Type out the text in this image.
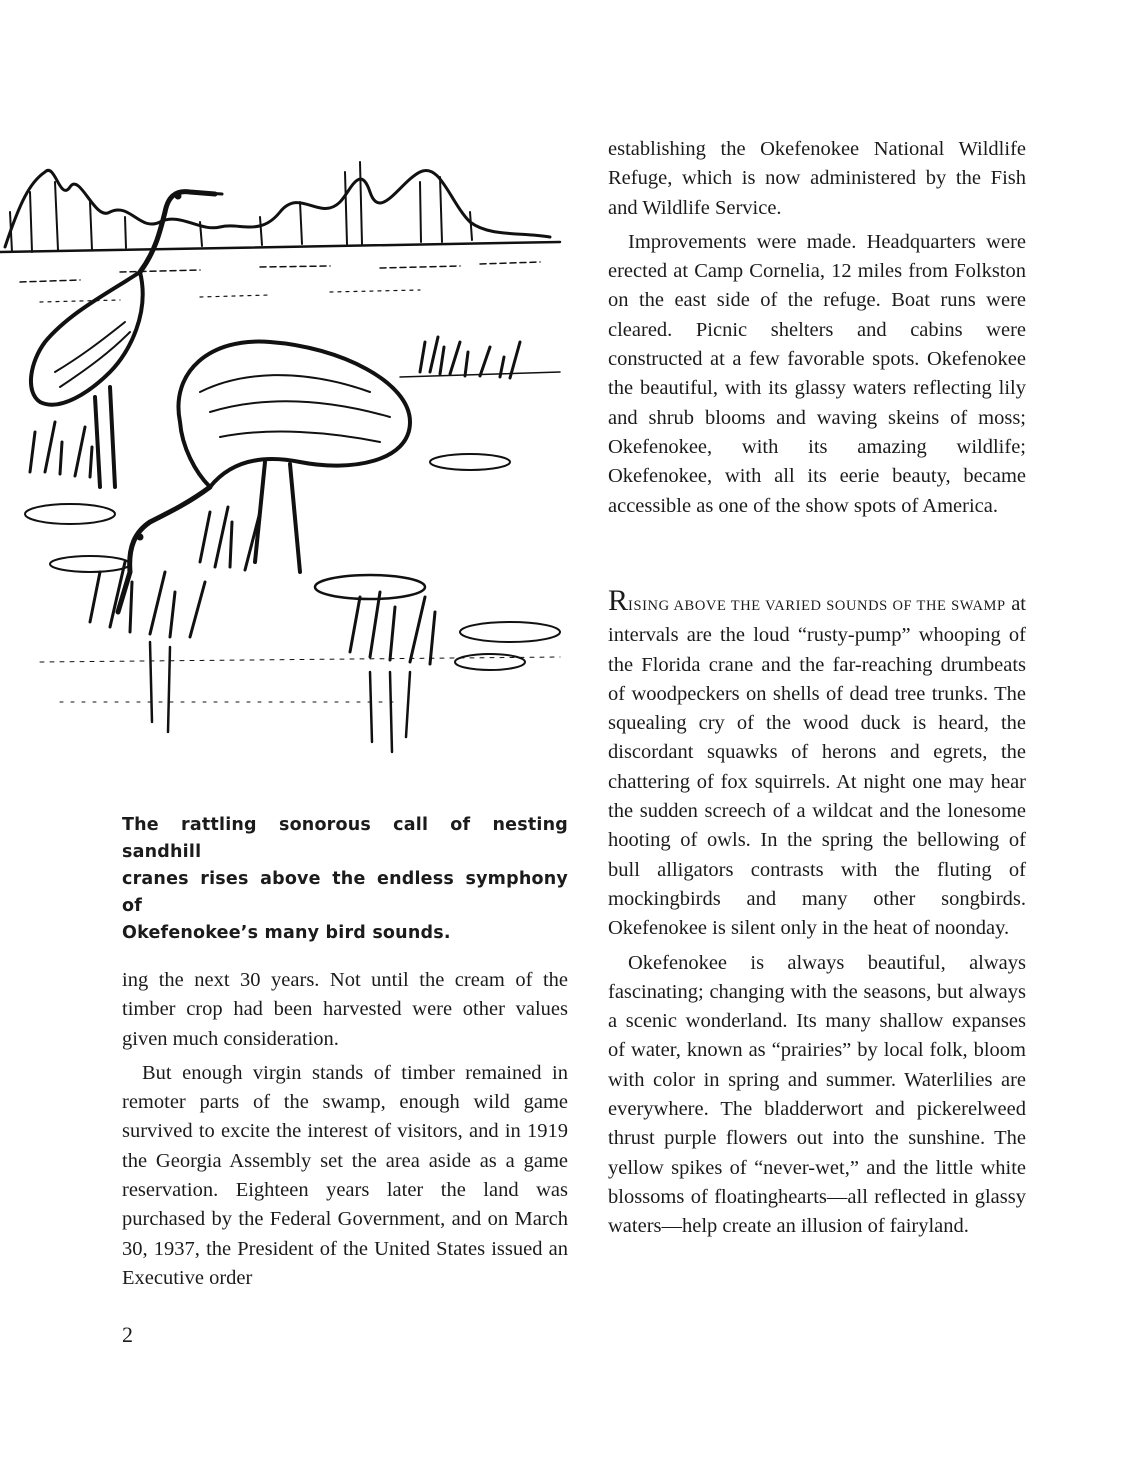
The rattling sonorous call of nesting sandhill

cranes rises above the endless symphony of

Okefenokee’s many bird sounds.

ing the next 30 years. Not until the cream of the timber crop had been harvested were other values given much consideration.

But enough virgin stands of timber remained in remoter parts of the swamp, enough wild game survived to excite the interest of visitors, and in 1919 the Georgia Assembly set the area aside as a game reservation. Eighteen years later the land was purchased by the Federal Government, and on March 30, 1937, the President of the United States issued an Executive order

establishing the Okefenokee National Wildlife Refuge, which is now administered by the Fish and Wildlife Service.

Improvements were made. Headquarters were erected at Camp Cornelia, 12 miles from Folkston on the east side of the refuge. Boat runs were cleared. Picnic shelters and cabins were constructed at a few favorable spots. Okefenokee the beautiful, with its glassy waters reflecting lily and shrub blooms and waving skeins of moss; Okefenokee, with its amazing wildlife; Okefenokee, with all its eerie beauty, became accessible as one of the show spots of America.

RISING ABOVE THE VARIED SOUNDS OF THE SWAMP at intervals are the loud “rusty-pump” whooping of the Florida crane and the far-reaching drumbeats of woodpeckers on shells of dead tree trunks. The squealing cry of the wood duck is heard, the discordant squawks of herons and egrets, the chattering of fox squirrels. At night one may hear the sudden screech of a wildcat and the lonesome hooting of owls. In the spring the bellowing of bull alligators contrasts with the fluting of mockingbirds and many other songbirds. Okefenokee is silent only in the heat of noonday.

Okefenokee is always beautiful, always fascinating; changing with the seasons, but always a scenic wonderland. Its many shallow expanses of water, known as “prairies” by local folk, bloom with color in spring and summer. Waterlilies are everywhere. The bladderwort and pickerelweed thrust purple flowers out into the sunshine. The yellow spikes of “never-wet,” and the little white blossoms of floatinghearts—all reflected in glassy waters—help create an illusion of fairyland.

2
